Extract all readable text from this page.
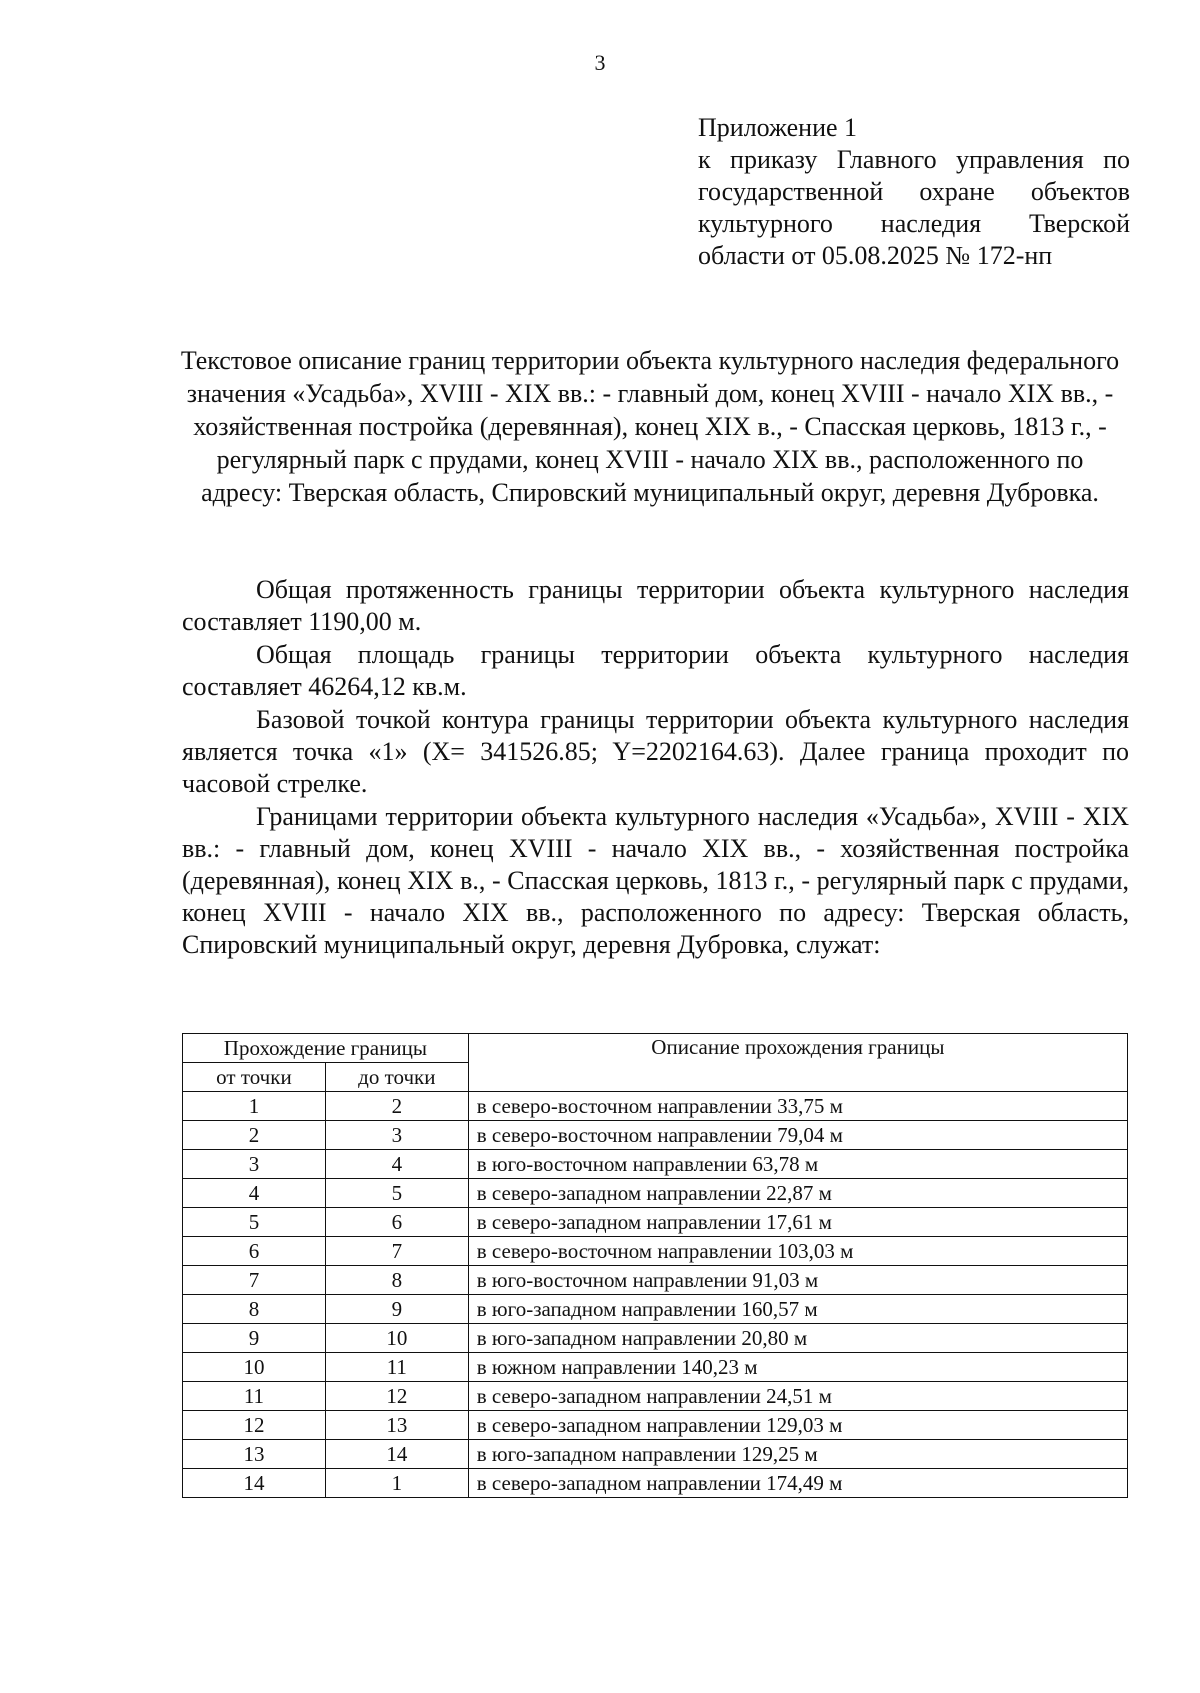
3
Приложение 1
к приказу Главного управления по государственной охране объектов культурного наследия Тверской области от 05.08.2025 № 172-нп
Текстовое описание границ территории объекта культурного наследия федерального значения «Усадьба», XVIII - XIX вв.: - главный дом, конец XVIII - начало XIX вв., - хозяйственная постройка (деревянная), конец XIX в., - Спасская церковь, 1813 г., - регулярный парк с прудами, конец XVIII - начало XIX вв., расположенного по адресу: Тверская область, Спировский муниципальный округ, деревня Дубровка.

Общая протяженность границы территории объекта культурного наследия составляет 1190,00 м.

Общая площадь границы территории объекта культурного наследия составляет 46264,12 кв.м.

Базовой точкой контура границы территории объекта культурного наследия является точка «1» (X= 341526.85; Y=2202164.63). Далее граница проходит по часовой стрелке.

Границами территории объекта культурного наследия «Усадьба», XVIII - XIX вв.: - главный дом, конец XVIII - начало XIX вв., - хозяйственная постройка (деревянная), конец XIX в., - Спасская церковь, 1813 г., - регулярный парк с прудами, конец XVIII - начало XIX вв., расположенного по адресу: Тверская область, Спировский муниципальный округ, деревня Дубровка, служат:

Прохождение границы		Описание прохождения границы
от точки	до точки	
1	2	в северо-восточном направлении 33,75 м
2	3	в северо-восточном направлении 79,04 м
3	4	в юго-восточном направлении 63,78 м
4	5	в северо-западном направлении 22,87 м
5	6	в северо-западном направлении 17,61 м
6	7	в северо-восточном направлении 103,03 м
7	8	в юго-восточном направлении 91,03 м
8	9	в юго-западном направлении 160,57 м
9	10	в юго-западном направлении 20,80 м
10	11	в южном направлении 140,23 м
11	12	в северо-западном направлении 24,51 м
12	13	в северо-западном направлении 129,03 м
13	14	в юго-западном направлении 129,25 м
14	1	в северо-западном направлении 174,49 м
